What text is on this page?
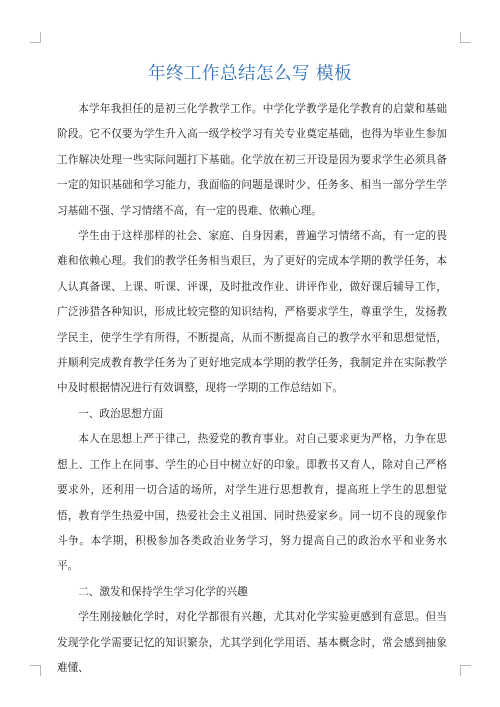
年终工作总结怎么写 模板

本学年我担任的是初三化学教学工作。中学化学教学是化学教育的启蒙和基础阶段。它不仅要为学生升入高一级学校学习有关专业奠定基础，也得为毕业生参加工作解决处理一些实际问题打下基础。化学放在初三开设是因为要求学生必须具备一定的知识基础和学习能力，我面临的问题是课时少、任务多、相当一部分学生学习基础不强、学习情绪不高，有一定的畏难、依赖心理。

学生由于这样那样的社会、家庭、自身因素，普遍学习情绪不高，有一定的畏难和依赖心理。我们的教学任务相当艰巨，为了更好的完成本学期的教学任务，本人认真备课、上课、听课、评课，及时批改作业、讲评作业，做好课后辅导工作，广泛涉猎各种知识，形成比较完整的知识结构，严格要求学生，尊重学生，发扬教学民主，使学生学有所得，不断提高，从而不断提高自己的教学水平和思想觉悟，并顺利完成教育教学任务为了更好地完成本学期的教学任务，我制定并在实际教学中及时根据情况进行有效调整，现将一学期的工作总结如下。

一、政治思想方面

本人在思想上严于律己，热爱党的教育事业。对自己要求更为严格，力争在思想上、工作上在同事、学生的心目中树立好的印象。即教书又育人，除对自己严格要求外，还利用一切合适的场所，对学生进行思想教育，提高班上学生的思想觉悟，教育学生热爱中国，热爱社会主义祖国、同时热爱家乡。同一切不良的现象作斗争。本学期，积极参加各类政治业务学习，努力提高自己的政治水平和业务水平。

二、激发和保持学生学习化学的兴趣

学生刚接触化学时，对化学都很有兴趣，尤其对化学实验更感到有意思。但当发现学化学需要记忆的知识繁杂，尤其学到化学用语、基本概念时，常会感到抽象难懂、
